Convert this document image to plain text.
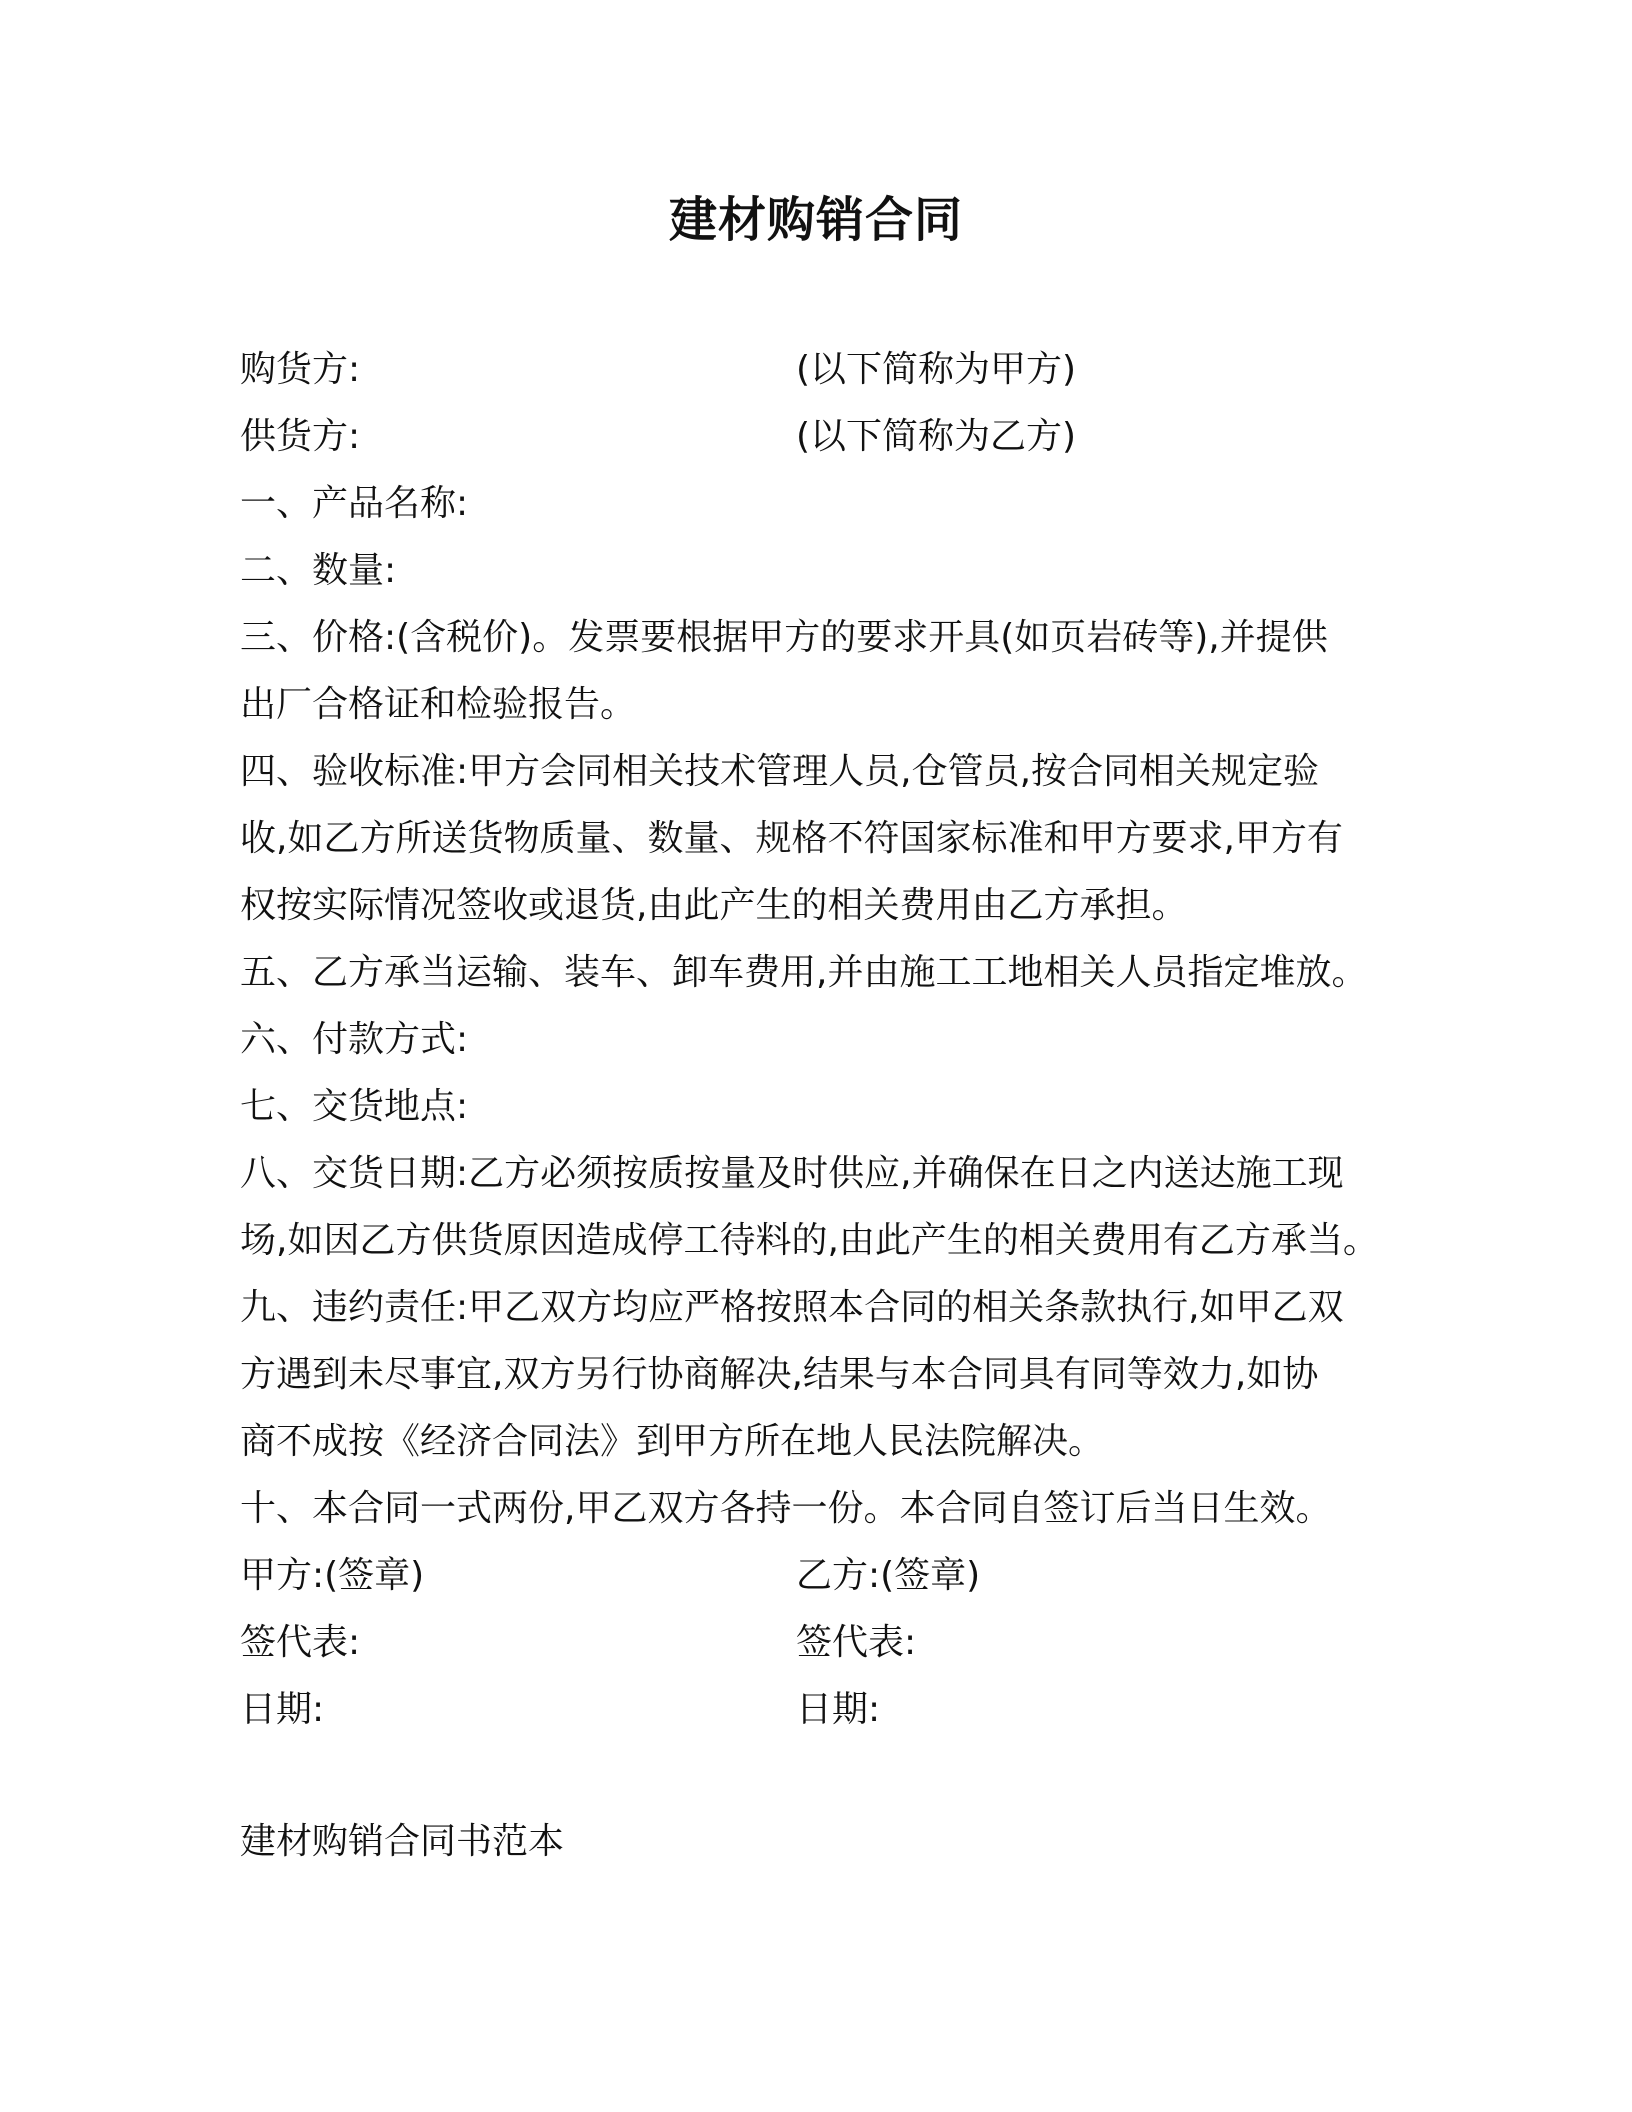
建材购销合同
购货方:	(以下简称为甲方)
供货方:	(以下简称为乙方)
一、产品名称:
二、数量:
三、价格:(含税价)。发票要根据甲方的要求开具(如页岩砖等),并提供
出厂合格证和检验报告。
四、验收标准:甲方会同相关技术管理人员,仓管员,按合同相关规定验
收,如乙方所送货物质量、数量、规格不符国家标准和甲方要求,甲方有
权按实际情况签收或退货,由此产生的相关费用由乙方承担。
五、乙方承当运输、装车、卸车费用,并由施工工地相关人员指定堆放。
六、付款方式:
七、交货地点:
八、交货日期:乙方必须按质按量及时供应,并确保在日之内送达施工现
场,如因乙方供货原因造成停工待料的,由此产生的相关费用有乙方承当。
九、违约责任:甲乙双方均应严格按照本合同的相关条款执行,如甲乙双
方遇到未尽事宜,双方另行协商解决,结果与本合同具有同等效力,如协
商不成按《经济合同法》到甲方所在地人民法院解决。
十、本合同一式两份,甲乙双方各持一份。本合同自签订后当日生效。
甲方:(签章)	乙方:(签章)
签代表:	签代表:
日期:	日期:
建材购销合同书范本
